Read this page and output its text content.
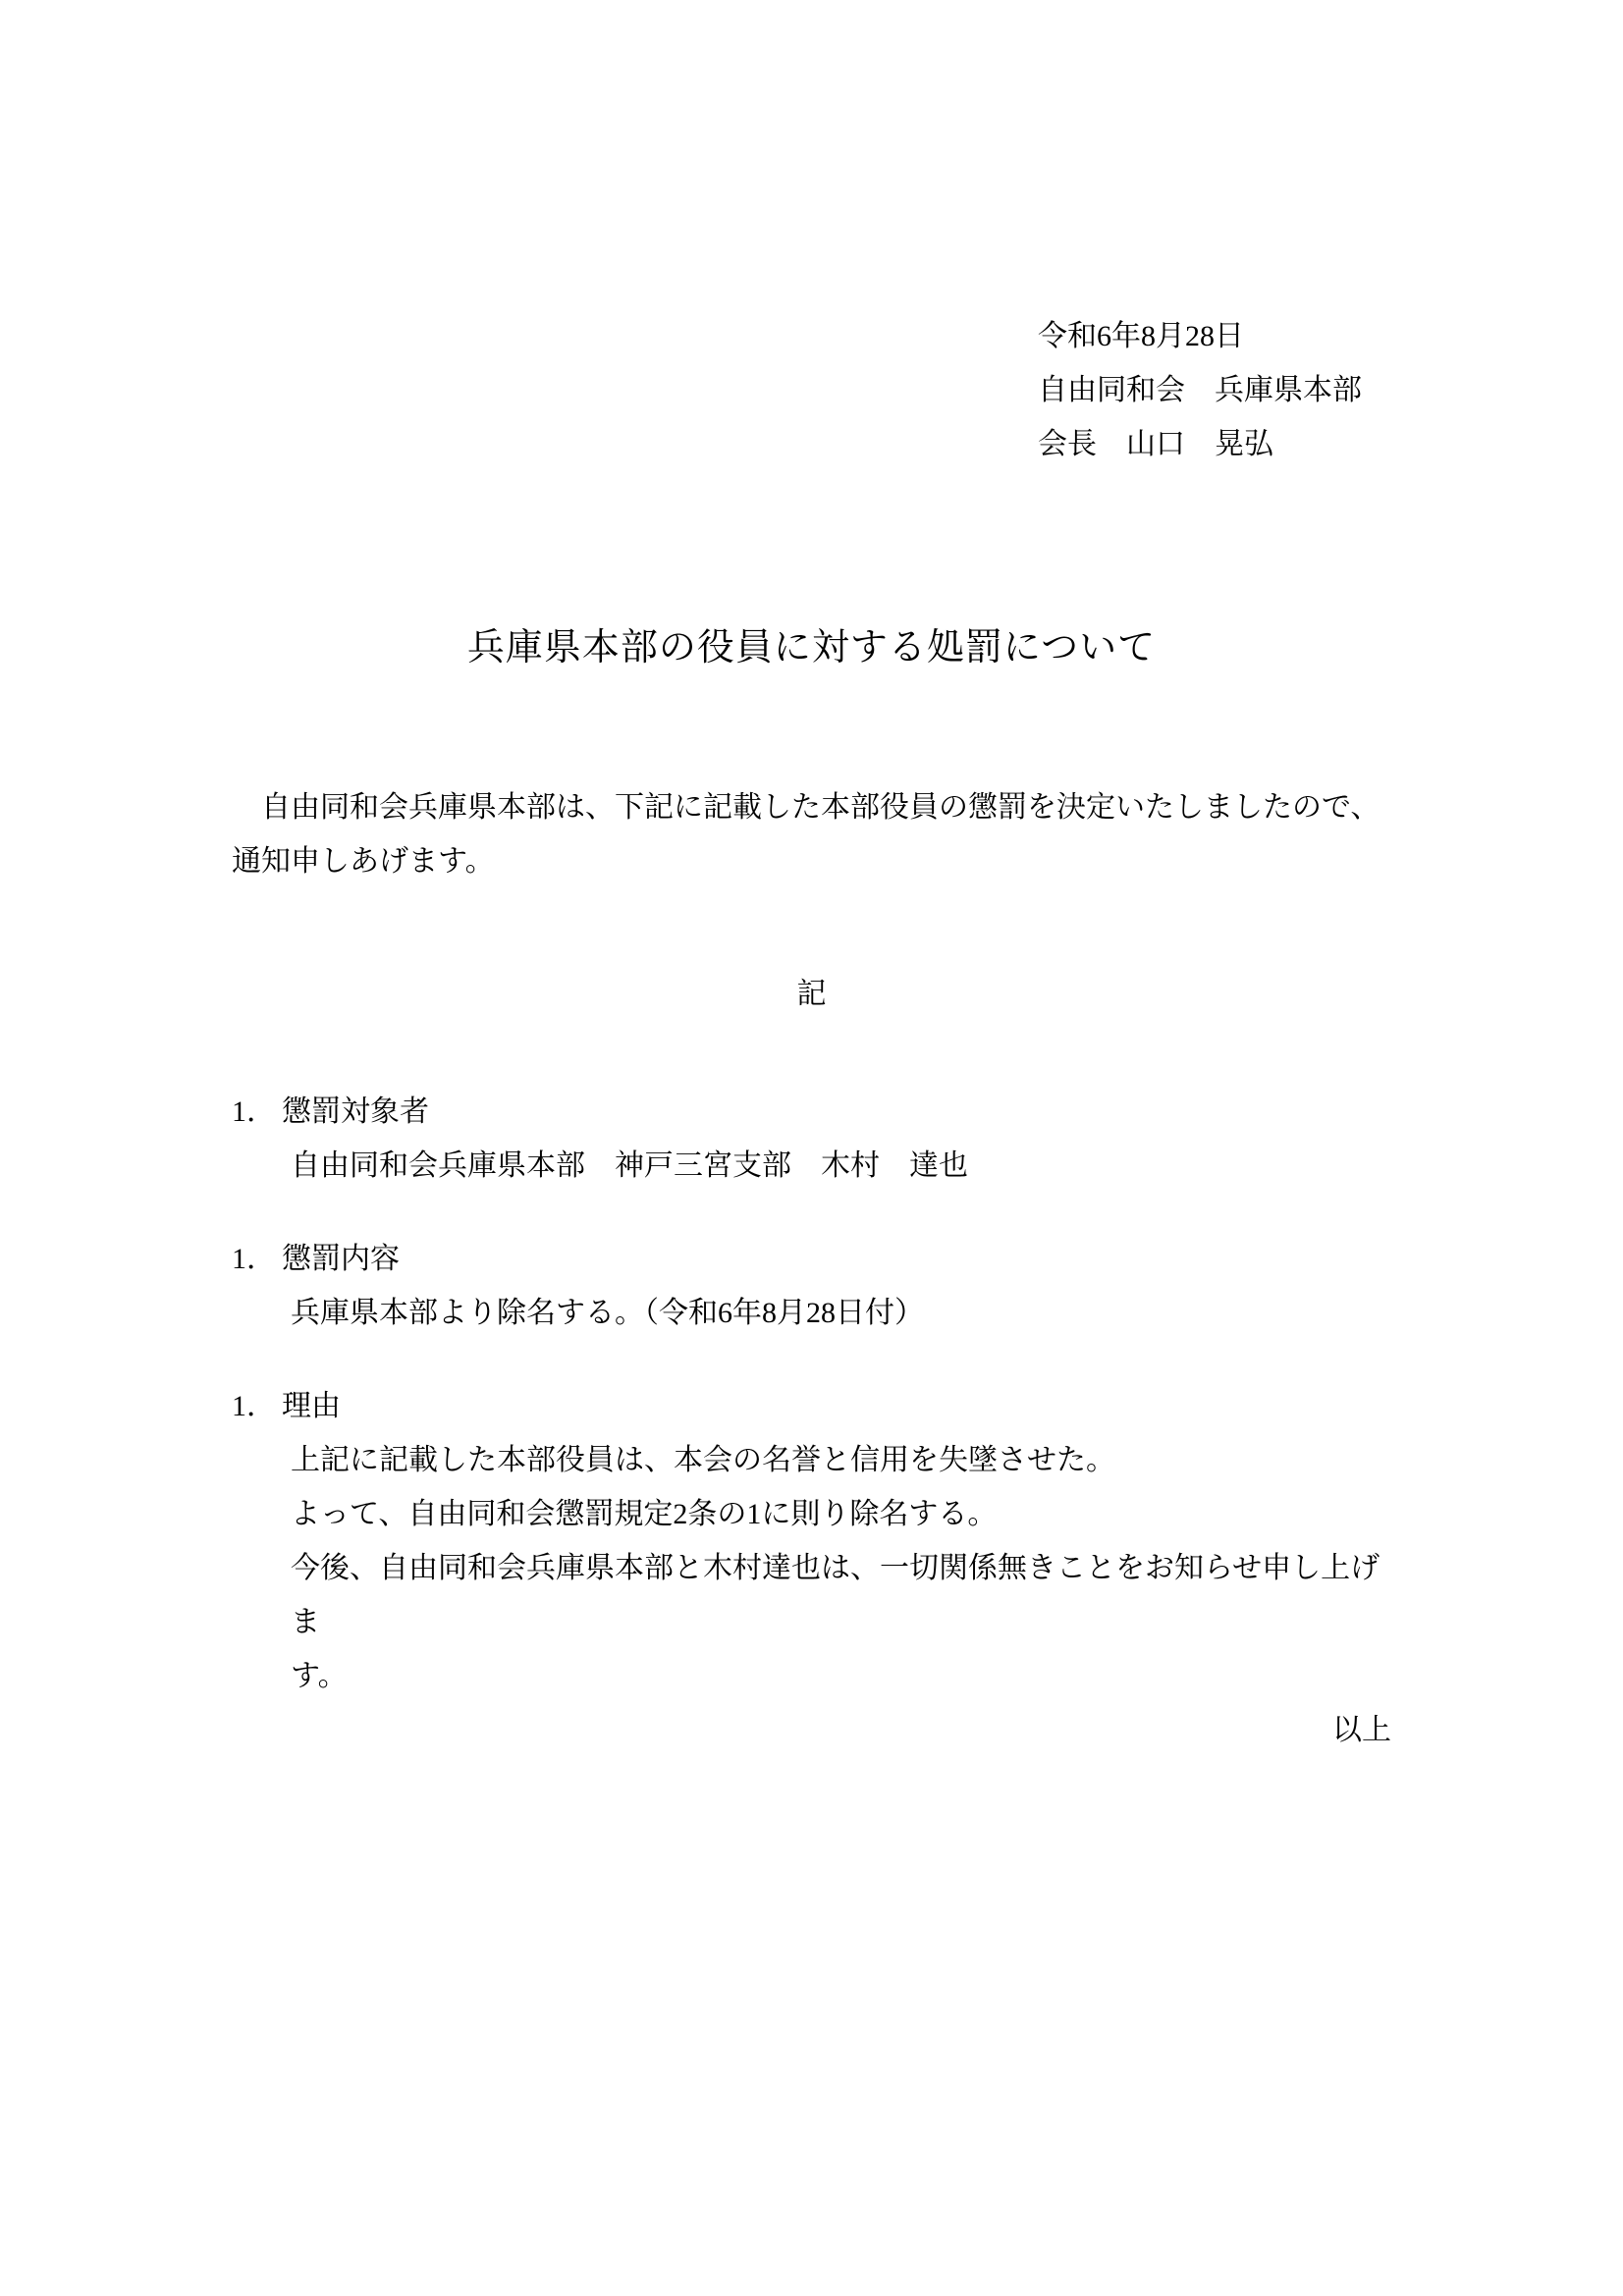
令和6年8月28日
自由同和会　兵庫県本部
会長　山口　晃弘
兵庫県本部の役員に対する処罰について
自由同和会兵庫県本部は、下記に記載した本部役員の懲罰を決定いたしましたので、
通知申しあげます。
記
1． 懲罰対象者
自由同和会兵庫県本部　神戸三宮支部　木村　達也
1． 懲罰内容
兵庫県本部より除名する。（令和6年8月28日付）
1． 理由
上記に記載した本部役員は、本会の名誉と信用を失墜させた。
よって、自由同和会懲罰規定2条の1に則り除名する。
今後、自由同和会兵庫県本部と木村達也は、一切関係無きことをお知らせ申し上げま
す。
以上
